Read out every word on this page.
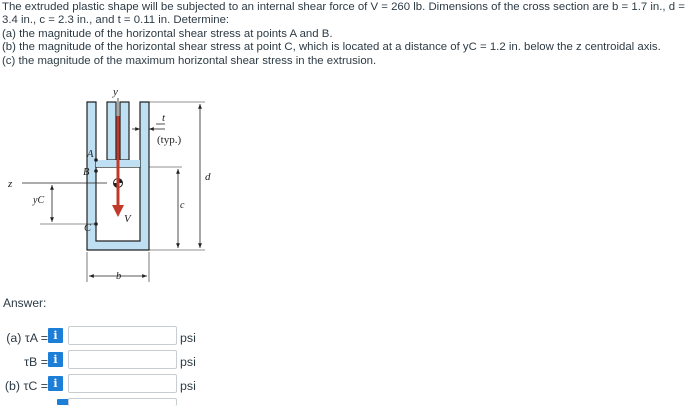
The extruded plastic shape will be subjected to an internal shear force of V = 260 lb. Dimensions of the cross section are b = 1.7 in., d =

3.4 in., c = 2.3 in., and t = 0.11 in. Determine:

(a) the magnitude of the horizontal shear stress at points A and B.

(b) the magnitude of the horizontal shear stress at point C, which is located at a distance of yC = 1.2 in. below the z centroidal axis.

(c) the magnitude of the maximum horizontal shear stress in the extrusion.

y
z
A
B
C
V
t
(typ.)
d
c
b
yC
Answer:
(a) τA = i	psi
τB = i	psi
(b) τC = i	psi
